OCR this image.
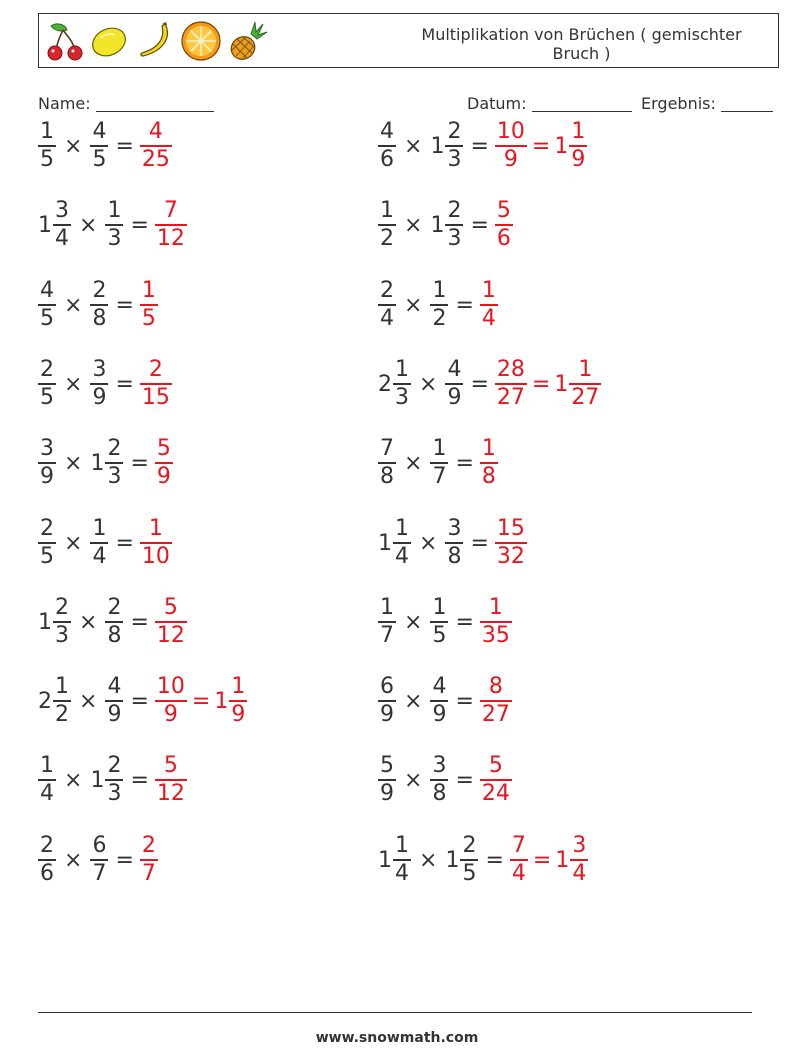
Multiplikation von Brüchen ( gemischter Bruch )
Name:	Datum:	Ergebnis:
$\frac{1}{5} \times \frac{4}{5} = \frac{4}{25}$	$\frac{4}{6} \times 1 \frac{2}{3} = \frac{10}{9} = 1 \frac{1}{9}$
$1 \frac{3}{4} \times \frac{1}{3} = \frac{7}{12}$	$\frac{1}{2} \times 1 \frac{2}{3} = \frac{5}{6}$
$\frac{4}{5} \times \frac{2}{8} = \frac{1}{5}$	$\frac{2}{4} \times \frac{1}{2} = \frac{1}{4}$
$\frac{2}{5} \times \frac{3}{9} = \frac{2}{15}$	$2 \frac{1}{3} \times \frac{4}{9} = \frac{28}{27} = 1 \frac{1}{27}$
$\frac{3}{9} \times 1 \frac{2}{3} = \frac{5}{9}$	$\frac{7}{8} \times \frac{1}{7} = \frac{1}{8}$
$\frac{2}{5} \times \frac{1}{4} = \frac{1}{10}$	$1 \frac{1}{4} \times \frac{3}{8} = \frac{15}{32}$
$1 \frac{2}{3} \times \frac{2}{8} = \frac{5}{12}$	$\frac{1}{7} \times \frac{1}{5} = \frac{1}{35}$
$2 \frac{1}{2} \times \frac{4}{9} = \frac{10}{9} = 1 \frac{1}{9}$	$\frac{6}{9} \times \frac{4}{9} = \frac{8}{27}$
$\frac{1}{4} \times 1 \frac{2}{3} = \frac{5}{12}$	$\frac{5}{9} \times \frac{3}{8} = \frac{5}{24}$
$\frac{2}{6} \times \frac{6}{7} = \frac{2}{7}$	$1 \frac{1}{4} \times 1 \frac{2}{5} = \frac{7}{4} = 1 \frac{3}{4}$
www.snowmath.com
